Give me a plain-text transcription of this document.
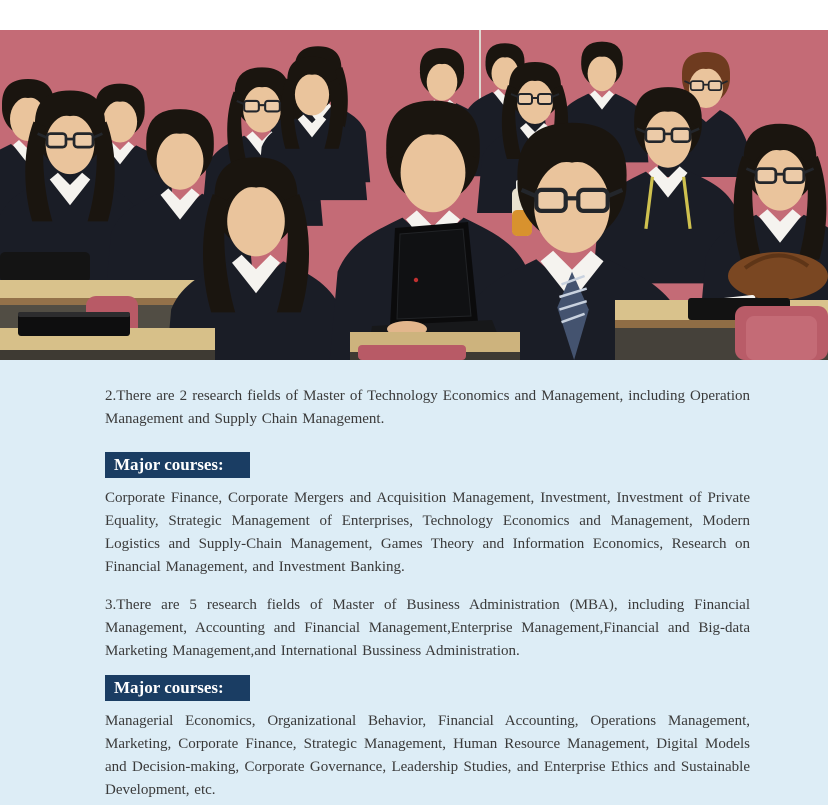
2.There are 2 research fields of Master of Technology Economics and Management, including Operation Management and Supply Chain Management.

Major courses:

Corporate Finance, Corporate Mergers and Acquisition Management, Investment, Investment of Private Equality, Strategic Management of Enterprises, Technology Economics and Management, Modern Logistics and Supply-Chain Management, Games Theory and Information Economics, Research on Financial Management, and Investment Banking.

3.There are 5 research fields of Master of Business Administration (MBA), including Financial Management, Accounting and Financial Management,Enterprise Management,Financial and Big-data Marketing Management,and International Bussiness Administration.

Major courses:

Managerial Economics, Organizational Behavior, Financial Accounting, Operations Management, Marketing, Corporate Finance, Strategic Management, Human Resource Management, Digital Models and Decision-making, Corporate Governance, Leadership Studies, and Enterprise Ethics and Sustainable Development, etc.
